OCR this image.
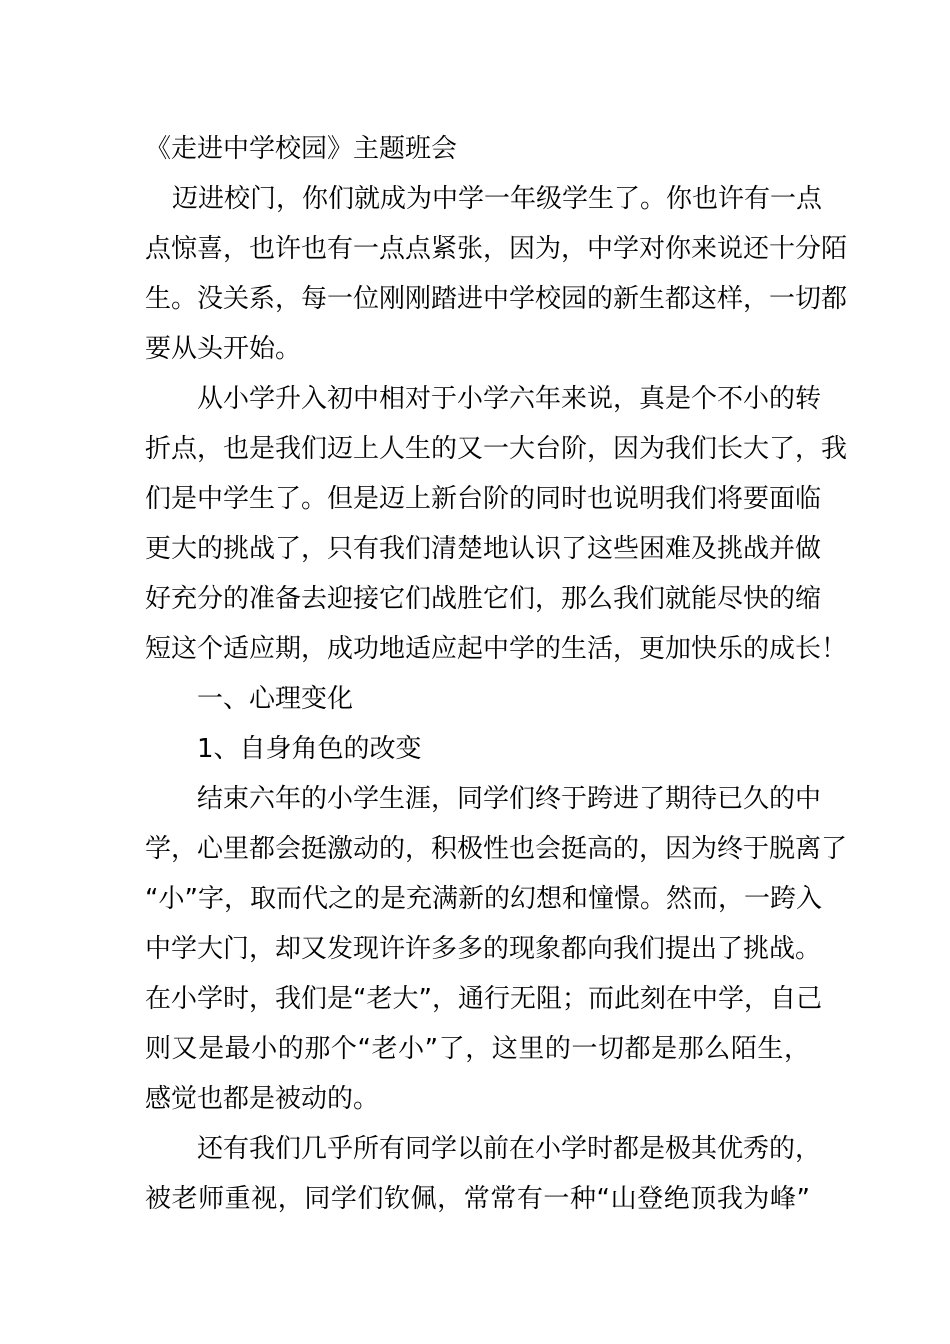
《走进中学校园》主题班会
迈进校门，你们就成为中学一年级学生了。你也许有一点
点惊喜，也许也有一点点紧张，因为，中学对你来说还十分陌
生。没关系，每一位刚刚踏进中学校园的新生都这样，一切都
要从头开始。
从小学升入初中相对于小学六年来说，真是个不小的转
折点，也是我们迈上人生的又一大台阶，因为我们长大了，我
们是中学生了。但是迈上新台阶的同时也说明我们将要面临
更大的挑战了，只有我们清楚地认识了这些困难及挑战并做
好充分的准备去迎接它们战胜它们，那么我们就能尽快的缩
短这个适应期，成功地适应起中学的生活，更加快乐的成长！
一、心理变化
1、自身角色的改变
结束六年的小学生涯，同学们终于跨进了期待已久的中
学，心里都会挺激动的，积极性也会挺高的，因为终于脱离了
“小”字，取而代之的是充满新的幻想和憧憬。然而，一跨入
中学大门，却又发现许许多多的现象都向我们提出了挑战。
在小学时，我们是“老大”，通行无阻；而此刻在中学，自己
则又是最小的那个“老小”了，这里的一切都是那么陌生，
感觉也都是被动的。
还有我们几乎所有同学以前在小学时都是极其优秀的，
被老师重视，同学们钦佩，常常有一种“山登绝顶我为峰”
